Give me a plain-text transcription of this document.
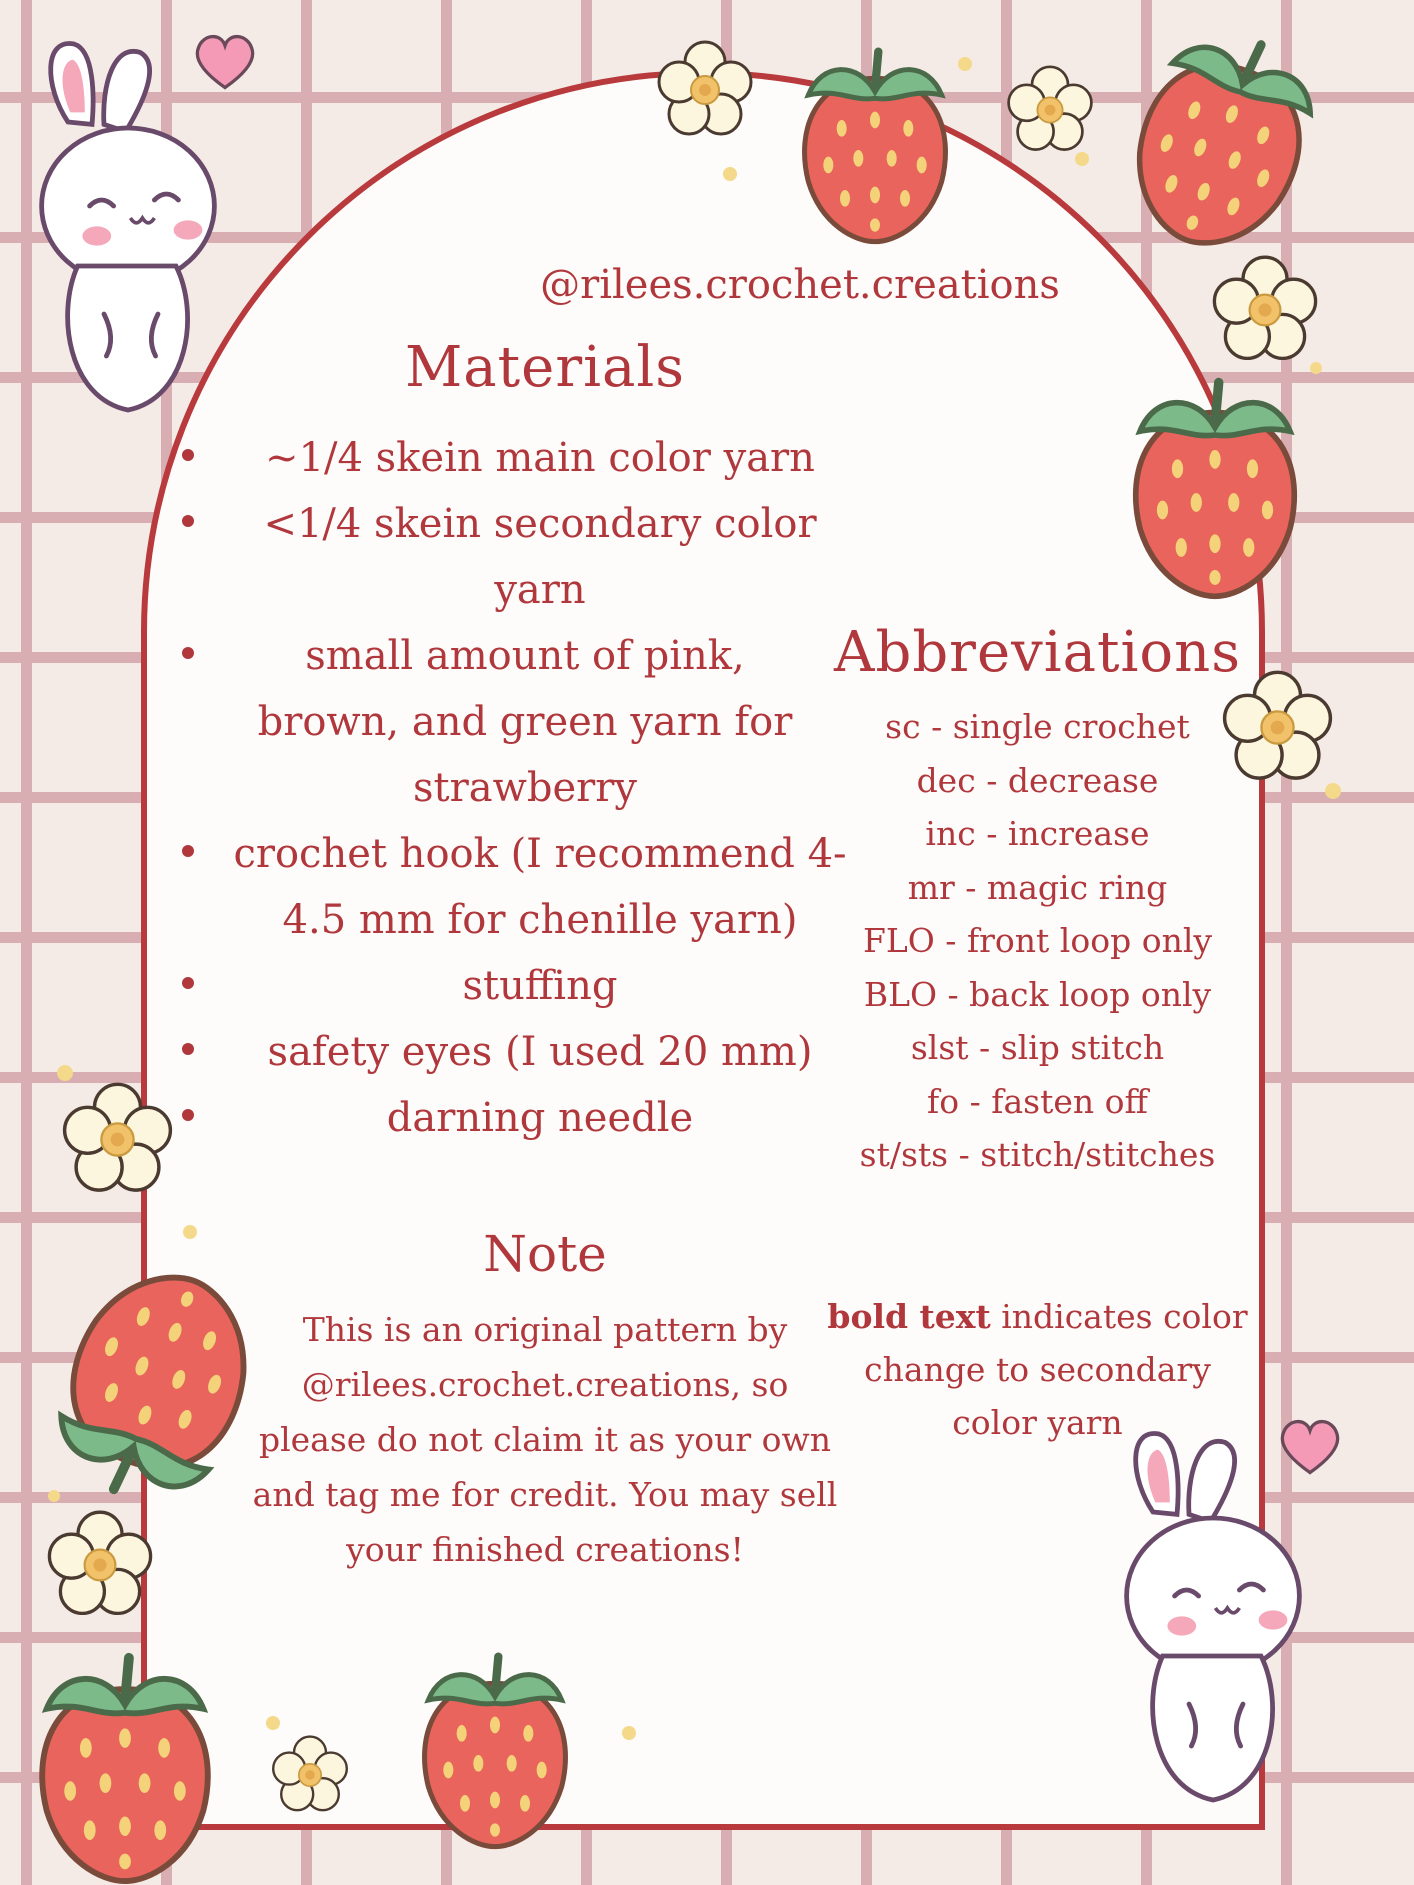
@rilees.crochet.creations
Materials
~1/4 skein main color yarn
<1/4 skein secondary color yarn
small amount of pink, brown, and green yarn for strawberry
crochet hook (I recommend 4-4.5 mm for chenille yarn)
stuffing
safety eyes (I used 20 mm)
darning needle
Abbreviations
sc - single crochet
dec - decrease
inc - increase
mr - magic ring
FLO - front loop only
BLO - back loop only
slst - slip stitch
fo - fasten off
st/sts - stitch/stitches
Note
This is an original pattern by @rilees.crochet.creations, so please do not claim it as your own and tag me for credit. You may sell your finished creations!
bold text indicates color change to secondary color yarn
